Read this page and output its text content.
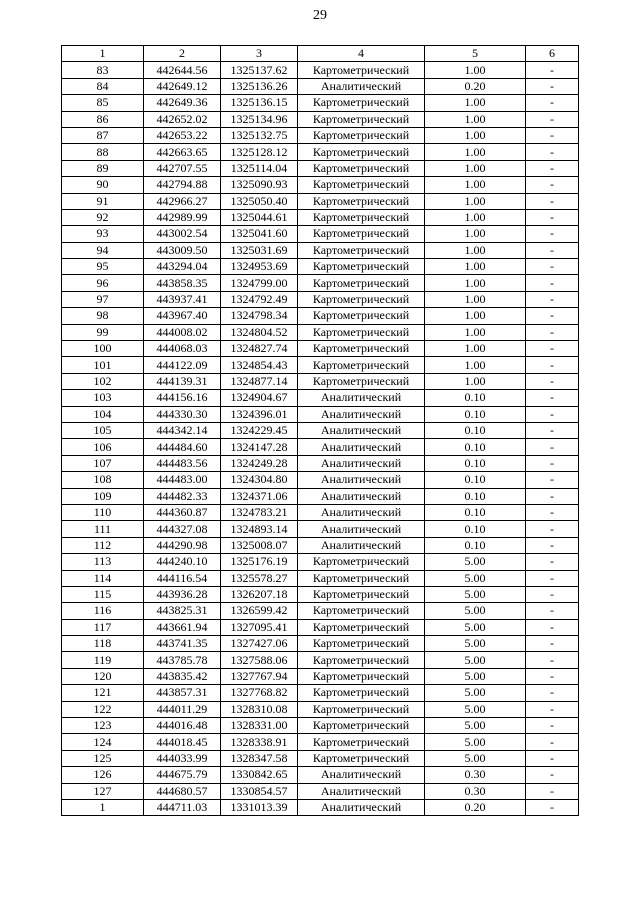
29
1	2	3	4	5	6
83	442644.56	1325137.62	Картометрический	1.00	-
84	442649.12	1325136.26	Аналитический	0.20	-
85	442649.36	1325136.15	Картометрический	1.00	-
86	442652.02	1325134.96	Картометрический	1.00	-
87	442653.22	1325132.75	Картометрический	1.00	-
88	442663.65	1325128.12	Картометрический	1.00	-
89	442707.55	1325114.04	Картометрический	1.00	-
90	442794.88	1325090.93	Картометрический	1.00	-
91	442966.27	1325050.40	Картометрический	1.00	-
92	442989.99	1325044.61	Картометрический	1.00	-
93	443002.54	1325041.60	Картометрический	1.00	-
94	443009.50	1325031.69	Картометрический	1.00	-
95	443294.04	1324953.69	Картометрический	1.00	-
96	443858.35	1324799.00	Картометрический	1.00	-
97	443937.41	1324792.49	Картометрический	1.00	-
98	443967.40	1324798.34	Картометрический	1.00	-
99	444008.02	1324804.52	Картометрический	1.00	-
100	444068.03	1324827.74	Картометрический	1.00	-
101	444122.09	1324854.43	Картометрический	1.00	-
102	444139.31	1324877.14	Картометрический	1.00	-
103	444156.16	1324904.67	Аналитический	0.10	-
104	444330.30	1324396.01	Аналитический	0.10	-
105	444342.14	1324229.45	Аналитический	0.10	-
106	444484.60	1324147.28	Аналитический	0.10	-
107	444483.56	1324249.28	Аналитический	0.10	-
108	444483.00	1324304.80	Аналитический	0.10	-
109	444482.33	1324371.06	Аналитический	0.10	-
110	444360.87	1324783.21	Аналитический	0.10	-
111	444327.08	1324893.14	Аналитический	0.10	-
112	444290.98	1325008.07	Аналитический	0.10	-
113	444240.10	1325176.19	Картометрический	5.00	-
114	444116.54	1325578.27	Картометрический	5.00	-
115	443936.28	1326207.18	Картометрический	5.00	-
116	443825.31	1326599.42	Картометрический	5.00	-
117	443661.94	1327095.41	Картометрический	5.00	-
118	443741.35	1327427.06	Картометрический	5.00	-
119	443785.78	1327588.06	Картометрический	5.00	-
120	443835.42	1327767.94	Картометрический	5.00	-
121	443857.31	1327768.82	Картометрический	5.00	-
122	444011.29	1328310.08	Картометрический	5.00	-
123	444016.48	1328331.00	Картометрический	5.00	-
124	444018.45	1328338.91	Картометрический	5.00	-
125	444033.99	1328347.58	Картометрический	5.00	-
126	444675.79	1330842.65	Аналитический	0.30	-
127	444680.57	1330854.57	Аналитический	0.30	-
1	444711.03	1331013.39	Аналитический	0.20	-
